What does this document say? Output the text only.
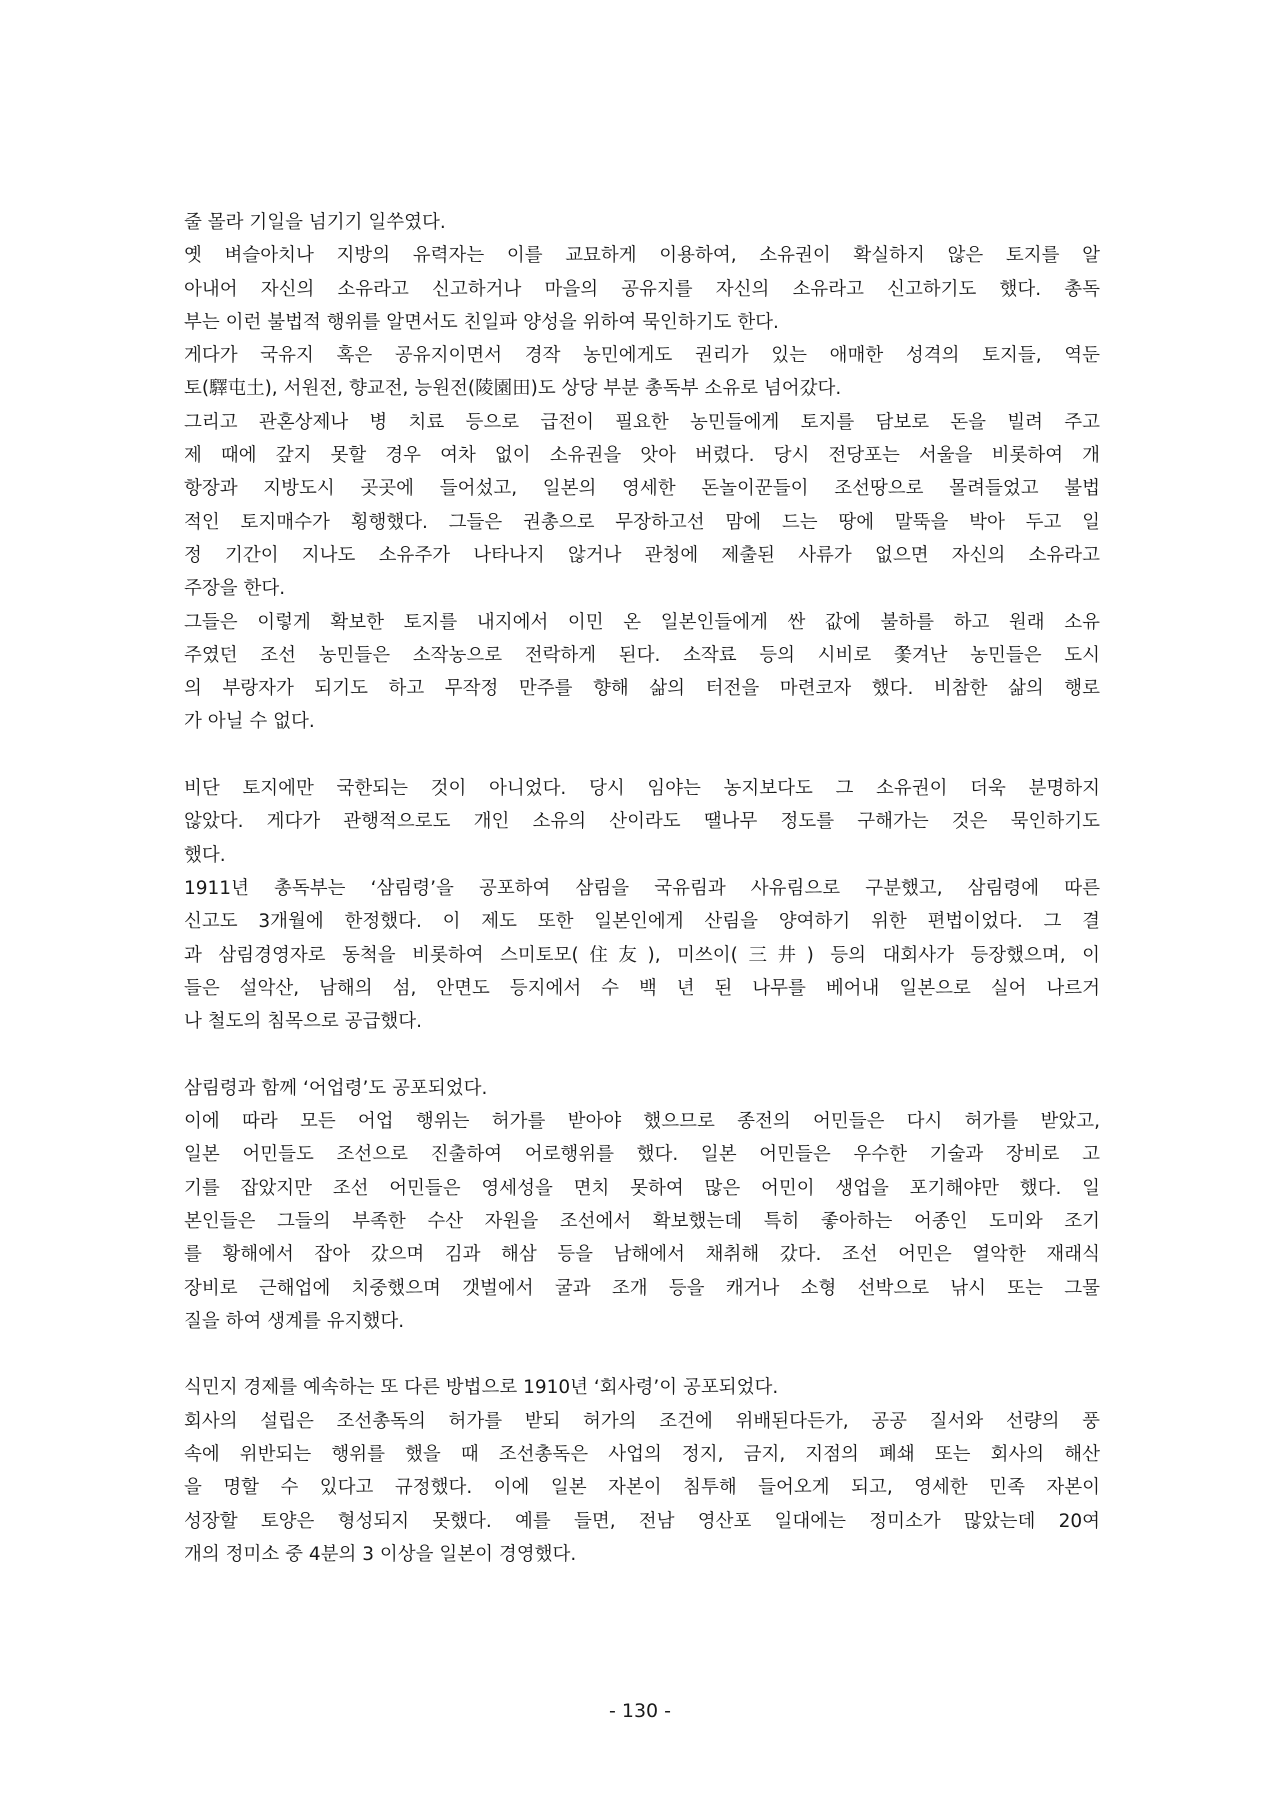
줄 몰라 기일을 넘기기 일쑤였다.
옛 벼슬아치나 지방의 유력자는 이를 교묘하게 이용하여, 소유권이 확실하지 않은 토지를 알
아내어 자신의 소유라고 신고하거나 마을의 공유지를 자신의 소유라고 신고하기도 했다. 총독
부는 이런 불법적 행위를 알면서도 친일파 양성을 위하여 묵인하기도 한다.
게다가 국유지 혹은 공유지이면서 경작 농민에게도 권리가 있는 애매한 성격의 토지들, 역둔
토(驛屯土), 서원전, 향교전, 능원전(陵園田)도 상당 부분 총독부 소유로 넘어갔다.
그리고 관혼상제나 병 치료 등으로 급전이 필요한 농민들에게 토지를 담보로 돈을 빌려 주고
제 때에 갚지 못할 경우 여차 없이 소유권을 앗아 버렸다. 당시 전당포는 서울을 비롯하여 개
항장과 지방도시 곳곳에 들어섰고, 일본의 영세한 돈놀이꾼들이 조선땅으로 몰려들었고 불법
적인 토지매수가 횡행했다. 그들은 권총으로 무장하고선 맘에 드는 땅에 말뚝을 박아 두고 일
정 기간이 지나도 소유주가 나타나지 않거나 관청에 제출된 사류가 없으면 자신의 소유라고
주장을 한다.
그들은 이렇게 확보한 토지를 내지에서 이민 온 일본인들에게 싼 값에 불하를 하고 원래 소유
주였던 조선 농민들은 소작농으로 전락하게 된다. 소작료 등의 시비로 쫓겨난 농민들은 도시
의 부랑자가 되기도 하고 무작정 만주를 향해 삶의 터전을 마련코자 했다. 비참한 삶의 행로
가 아닐 수 없다.
비단 토지에만 국한되는 것이 아니었다. 당시 임야는 농지보다도 그 소유권이 더욱 분명하지
않았다. 게다가 관행적으로도 개인 소유의 산이라도 땔나무 정도를 구해가는 것은 묵인하기도
했다.
1911년 총독부는 ‘삼림령’을 공포하여 삼림을 국유림과 사유림으로 구분했고, 삼림령에 따른
신고도 3개월에 한정했다. 이 제도 또한 일본인에게 산림을 양여하기 위한 편법이었다. 그 결
과 삼림경영자로 동척을 비롯하여 스미토모(住友), 미쓰이(三井) 등의 대회사가 등장했으며, 이
들은 설악산, 남해의 섬, 안면도 등지에서 수 백 년 된 나무를 베어내 일본으로 실어 나르거
나 철도의 침목으로 공급했다.
삼림령과 함께 ‘어업령’도 공포되었다.
이에 따라 모든 어업 행위는 허가를 받아야 했으므로 종전의 어민들은 다시 허가를 받았고,
일본 어민들도 조선으로 진출하여 어로행위를 했다. 일본 어민들은 우수한 기술과 장비로 고
기를 잡았지만 조선 어민들은 영세성을 면치 못하여 많은 어민이 생업을 포기해야만 했다. 일
본인들은 그들의 부족한 수산 자원을 조선에서 확보했는데 특히 좋아하는 어종인 도미와 조기
를 황해에서 잡아 갔으며 김과 해삼 등을 남해에서 채취해 갔다. 조선 어민은 열악한 재래식
장비로 근해업에 치중했으며 갯벌에서 굴과 조개 등을 캐거나 소형 선박으로 낚시 또는 그물
질을 하여 생계를 유지했다.
식민지 경제를 예속하는 또 다른 방법으로 1910년 ‘회사령’이 공포되었다.
회사의 설립은 조선총독의 허가를 받되 허가의 조건에 위배된다든가, 공공 질서와 선량의 풍
속에 위반되는 행위를 했을 때 조선총독은 사업의 정지, 금지, 지점의 폐쇄 또는 회사의 해산
을 명할 수 있다고 규정했다. 이에 일본 자본이 침투해 들어오게 되고, 영세한 민족 자본이
성장할 토양은 형성되지 못했다. 예를 들면, 전남 영산포 일대에는 정미소가 많았는데 20여
개의 정미소 중 4분의 3 이상을 일본이 경영했다.
- 130 -
